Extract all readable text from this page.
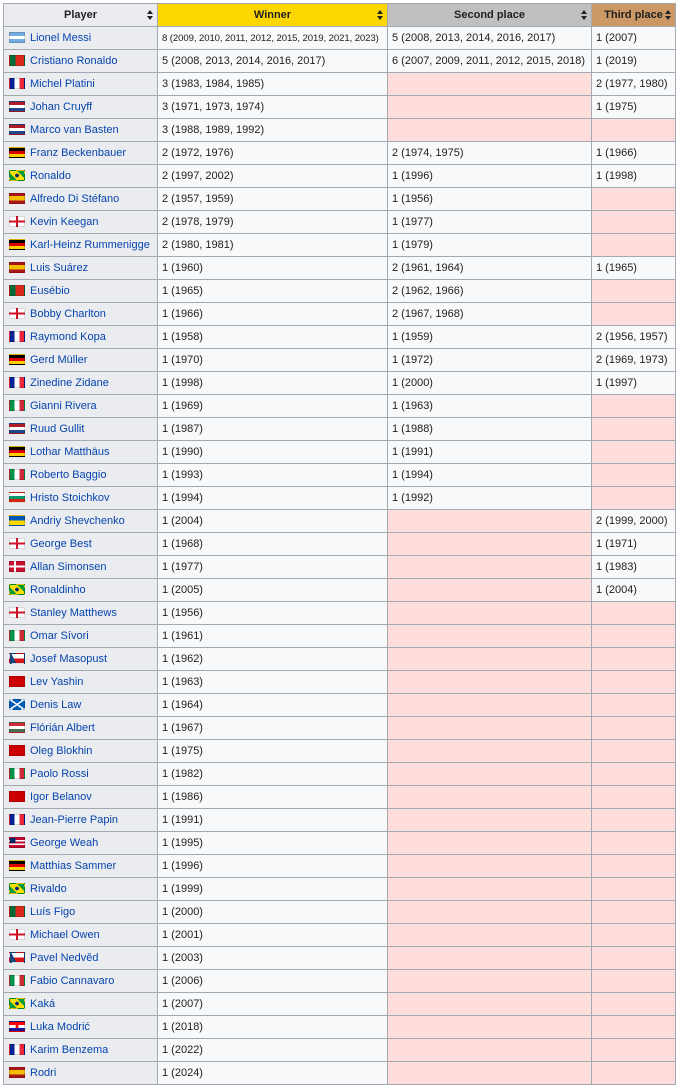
Player	Winner	Second place	Third place

Lionel Messi	8 (2009, 2010, 2011, 2012, 2015, 2019, 2021, 2023)	5 (2008, 2013, 2014, 2016, 2017)	1 (2007)
Cristiano Ronaldo	5 (2008, 2013, 2014, 2016, 2017)	6 (2007, 2009, 2011, 2012, 2015, 2018)	1 (2019)
Michel Platini	3 (1983, 1984, 1985)		2 (1977, 1980)
Johan Cruyff	3 (1971, 1973, 1974)		1 (1975)
Marco van Basten	3 (1988, 1989, 1992)		
Franz Beckenbauer	2 (1972, 1976)	2 (1974, 1975)	1 (1966)
Ronaldo	2 (1997, 2002)	1 (1996)	1 (1998)
Alfredo Di Stéfano	2 (1957, 1959)	1 (1956)	
Kevin Keegan	2 (1978, 1979)	1 (1977)	
Karl-Heinz Rummenigge	2 (1980, 1981)	1 (1979)	
Luis Suárez	1 (1960)	2 (1961, 1964)	1 (1965)
Eusébio	1 (1965)	2 (1962, 1966)	
Bobby Charlton	1 (1966)	2 (1967, 1968)	
Raymond Kopa	1 (1958)	1 (1959)	2 (1956, 1957)
Gerd Müller	1 (1970)	1 (1972)	2 (1969, 1973)
Zinedine Zidane	1 (1998)	1 (2000)	1 (1997)
Gianni Rivera	1 (1969)	1 (1963)	
Ruud Gullit	1 (1987)	1 (1988)	
Lothar Matthäus	1 (1990)	1 (1991)	
Roberto Baggio	1 (1993)	1 (1994)	
Hristo Stoichkov	1 (1994)	1 (1992)	
Andriy Shevchenko	1 (2004)		2 (1999, 2000)
George Best	1 (1968)		1 (1971)
Allan Simonsen	1 (1977)		1 (1983)
Ronaldinho	1 (2005)		1 (2004)
Stanley Matthews	1 (1956)		
Omar Sívori	1 (1961)		
Josef Masopust	1 (1962)		
Lev Yashin	1 (1963)		
Denis Law	1 (1964)		
Flórián Albert	1 (1967)		
Oleg Blokhin	1 (1975)		
Paolo Rossi	1 (1982)		
Igor Belanov	1 (1986)		
Jean-Pierre Papin	1 (1991)		
George Weah	1 (1995)		
Matthias Sammer	1 (1996)		
Rivaldo	1 (1999)		
Luís Figo	1 (2000)		
Michael Owen	1 (2001)		
Pavel Nedvěd	1 (2003)		
Fabio Cannavaro	1 (2006)		
Kaká	1 (2007)		
Luka Modrić	1 (2018)		
Karim Benzema	1 (2022)		
Rodri	1 (2024)		
